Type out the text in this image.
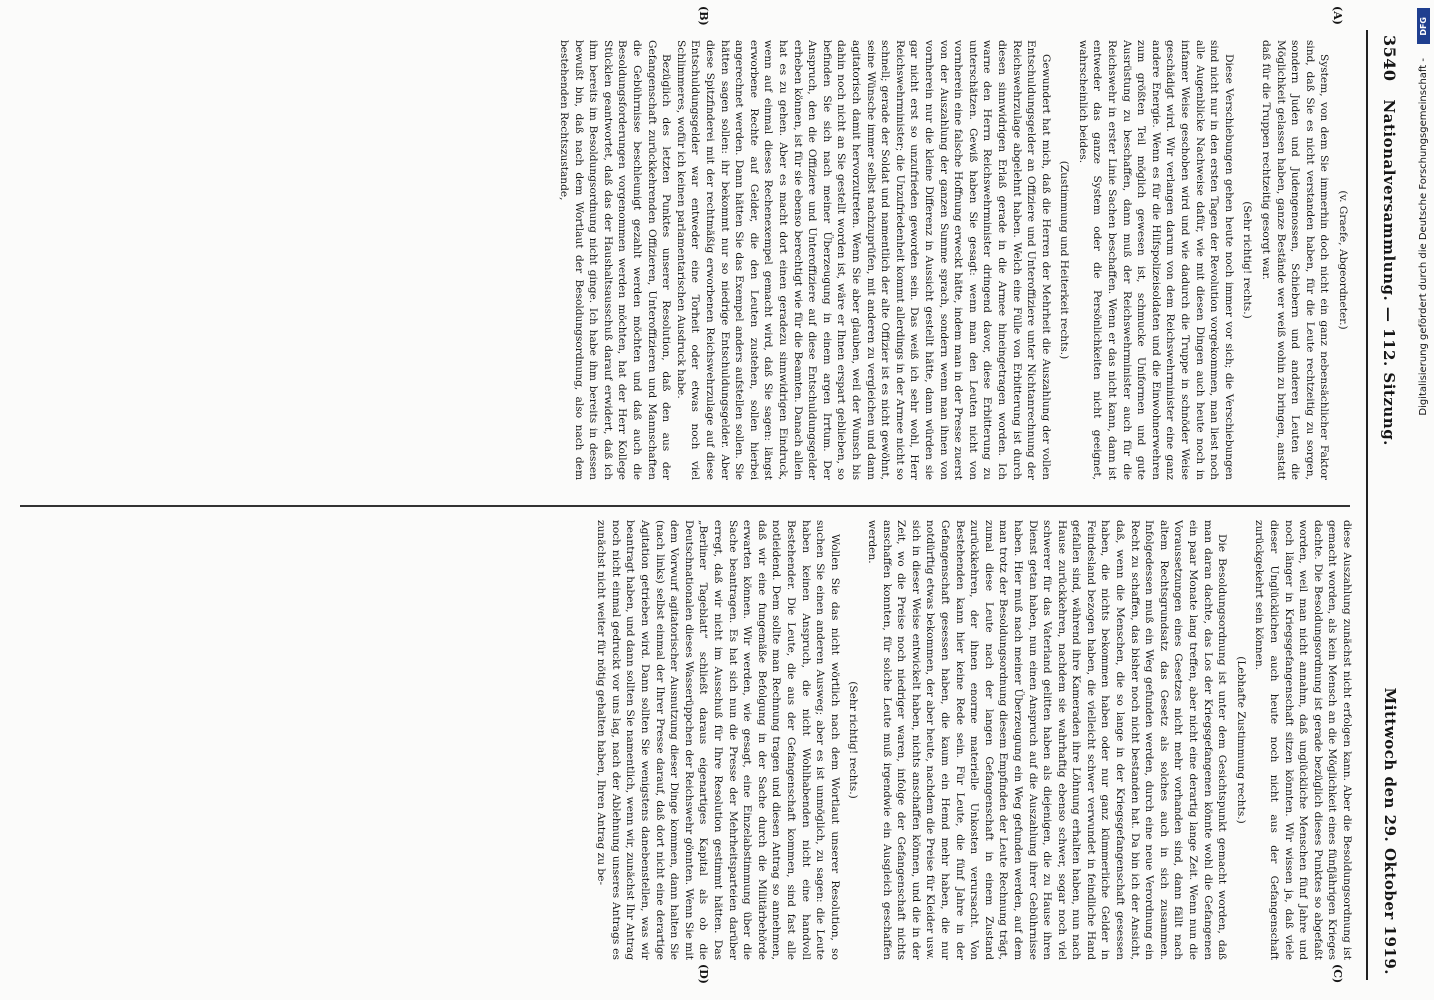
3540
Nationalversammlung. — 112. Sitzung.
Mittwoch den 29. Oktober 1919.
(A)
(B)
(C)
(D)

(v. Graefe, Abgeordneter.)

System, von dem Sie immerhin doch nicht ein ganz nebensächlicher Faktor sind, daß Sie es nicht verstanden haben, für die Leute rechtzeitig zu sorgen, sondern Juden und Judengenossen, Schiebern und anderen Leuten die Möglichkeit gelassen haben, ganze Bestände wer weiß wohin zu bringen, anstatt daß für die Truppen rechtzeitig gesorgt war.

(Sehr richtig! rechts.)

Diese Verschiebungen gehen heute noch immer vor sich; die Verschiebungen sind nicht nur in den ersten Tagen der Revolution vorgekommen, man liest noch alle Augenblicke Nachweise dafür, wie mit diesen Dingen auch heute noch in infamer Weise geschoben wird und wie dadurch die Truppe in schnöder Weise geschädigt wird. Wir verlangen darum von dem Reichswehrminister eine ganz andere Energie. Wenn es für die Hilfspolizeisoldaten und die Einwohnerwehren zum größten Teil möglich gewesen ist, schmucke Uniformen und gute Ausrüstung zu beschaffen, dann muß der Reichswehrminister auch für die Reichswehr in erster Linie Sachen beschaffen. Wenn er das nicht kann, dann ist entweder das ganze System oder die Persönlichkeiten nicht geeignet, wahrscheinlich beides.

(Zustimmung und Heiterkeit rechts.)

Gewundert hat mich, daß die Herren der Mehrheit die Auszahlung der vollen Entschuldungsgelder an Offiziere und Unteroffiziere unter Nichtanrechnung der Reichswehrzulage abgelehnt haben. Welch eine Fülle von Erbitterung ist durch diesen sinnwidrigen Erlaß gerade in die Armee hineingetragen worden. Ich warne den Herrn Reichswehrminister dringend davor, diese Erbitterung zu unterschätzen. Gewiß haben Sie gesagt: wenn man den Leuten nicht von vornherein eine falsche Hoffnung erweckt hätte, indem man in der Presse zuerst von der Auszahlung der ganzen Summe sprach, sondern wenn man ihnen von vornherein nur die kleine Differenz in Aussicht gestellt hätte, dann würden sie gar nicht erst so unzufrieden geworden sein. Das weiß ich sehr wohl, Herr Reichswehrminister; die Unzufriedenheit kommt allerdings in der Armee nicht so schnell; gerade der Soldat und namentlich der alte Offizier ist es nicht gewöhnt, seine Wünsche immer selbst nachzuprüfen, mit anderen zu vergleichen und dann agitatorisch damit hervorzutreten. Wenn Sie aber glauben, weil der Wunsch bis dahin noch nicht an Sie gestellt worden ist, wäre er Ihnen erspart geblieben, so befinden Sie sich nach meiner Überzeugung in einem argen Irrtum. Der Anspruch, den die Offiziere und Unteroffiziere auf diese Entschuldungsgelder erheben können, ist für sie ebenso berechtigt wie für die Beamten. Danach allein hat es zu gehen. Aber es macht dort einen geradezu sinnwidrigen Eindruck, wenn auf einmal dieses Rechenexempel gemacht wird, daß Sie sagen: längst erworbene Rechte auf Gelder, die den Leuten zustehen, sollen hierbei angerechnet werden. Dann hätten Sie das Exempel anders aufstellen sollen. Sie hätten sagen sollen: ihr bekommt nur so niedrige Entschuldungsgelder. Aber diese Spitzfinderei mit der rechtmäßig erworbenen Reichswehrzulage auf diese Entschuldungsgelder war entweder eine Torheit oder etwas noch viel Schlimmeres, wofür ich keinen parlamentarischen Ausdruck habe.

Bezüglich des letzten Punktes unserer Resolution, daß den aus der Gefangenschaft zurückkehrenden Offizieren, Unteroffizieren und Mannschaften die Gebührnisse beschleunigt gezahlt werden möchten und daß auch die Besoldungsforderungen vorgenommen werden möchten, hat der Herr Kollege Stücklen geantwortet, daß das der Haushaltsausschuß darauf erwidert, daß ich ihm bereits im Besoldungsordnung nicht ginge. Ich habe ihm bereits in dessen bewußt bin, daß nach dem Wortlaut der Besoldungsordnung, also nach dem bestehenden Rechtszustande,

diese Auszahlung zunächst nicht erfolgen kann. Aber die Besoldungsordnung ist gemacht worden, als kein Mensch an die Möglichkeit eines fünfjährigen Krieges dachte. Die Besoldungsordnung ist gerade bezüglich dieses Punktes so abgefaßt worden, weil man nicht annahm, daß unglückliche Menschen fünf Jahre und noch länger in Kriegsgefangenschaft sitzen könnten. Wir wissen ja, daß viele dieser Unglücklichen auch heute noch nicht aus der Gefangenschaft zurückgekehrt sein können.

(Lebhafte Zustimmung rechts.)

Die Besoldungsordnung ist unter dem Gesichtspunkt gemacht worden, daß man daran dachte, das Los der Kriegsgefangenen könnte wohl die Gefangenen ein paar Monate lang treffen, aber nicht eine derartig lange Zeit. Wenn nun die Voraussetzungen eines Gesetzes nicht mehr vorhanden sind, dann fällt nach altem Rechtsgrundsatz das Gesetz als solches auch in sich zusammen. Infolgedessen muß ein Weg gefunden werden, durch eine neue Verordnung ein Recht zu schaffen, das bisher noch nicht bestanden hat. Da bin ich der Ansicht, daß, wenn die Menschen, die so lange in der Kriegsgefangenschaft gesessen haben, die nichts bekommen haben oder nur ganz kümmerliche Gelder in Feindesland bezogen haben, die vielleicht schwer verwundet in feindliche Hand gefallen sind, während ihre Kameraden ihre Löhnung erhalten haben, nun nach Hause zurückkehren, nachdem sie wahrhaftig ebenso schwer, sogar noch viel schwerer für das Vaterland gelitten haben als diejenigen, die zu Hause ihren Dienst getan haben, nun einen Anspruch auf die Auszahlung ihrer Gebührnisse haben. Hier muß nach meiner Überzeugung ein Weg gefunden werden, auf dem man trotz der Besoldungsordnung diesem Empfinden der Leute Rechnung trägt, zumal diese Leute nach der langen Gefangenschaft in einem Zustand zurückkehren, der ihnen enorme materielle Unkosten verursacht. Von Bestehenden kann hier keine Rede sein. Für Leute, die fünf Jahre in der Gefangenschaft gesessen haben, die kaum ein Hemd mehr haben, die nur notdürftig etwas bekommen, der aber heute, nachdem die Preise für Kleider usw. sich in dieser Weise entwickelt haben, nichts anschaffen können, und die in der Zeit, wo die Preise noch niedriger waren, infolge der Gefangenschaft nichts anschaffen konnten, für solche Leute muß irgendwie ein Ausgleich geschaffen werden.

(Sehr richtig! rechts.)

Wollen Sie das nicht wörtlich nach dem Wortlaut unserer Resolution, so suchen Sie einen anderen Ausweg; aber es ist unmöglich, zu sagen: die Leute haben keinen Anspruch, die nicht Wohlhabenden nicht eine handvoll Bestehender. Die Leute, die aus der Gefangenschaft kommen, sind fast alle notleidend. Dem sollte man Rechnung tragen und diesen Antrag so annehmen, daß wir eine fungemäße Befolgung in der Sache durch die Militärbehörde erwarten können. Wir werden, wie gesagt, eine Einzelabstimmung über die Sache beantragen. Es hat sich nun die Presse der Mehrheitsparteien darüber erregt, daß wir nicht im Ausschuß für Ihre Resolution gestimmt hätten. Das „Berliner Tageblatt“ schließt daraus eigenartiges Kapital als ob die Deutschnationalen dieses Wasserüppchen der Reichswehr gönnten. Wenn Sie mit dem Vorwurf agitatorischer Ausnutzung dieser Dinge kommen, dann halten Sie (nach links) selbst einmal der Ihrer Presse darauf, daß dort nicht eine derartige Agitation getrieben wird. Dann sollten Sie wenigstens danebenstellen, was wir beantragt haben, und dann sollten Sie namentlich, wenn wir, zunächst Ihr Antrag noch nicht einmal gedruckt vor uns lag, nach der Ablehnung unseres Antrags es zunächst nicht weiter für nötig gehalten haben, Ihren Antrag zu be-

DFG
Digitalisierung gefördert durch die Deutsche Forschungsgemeinschaft -
